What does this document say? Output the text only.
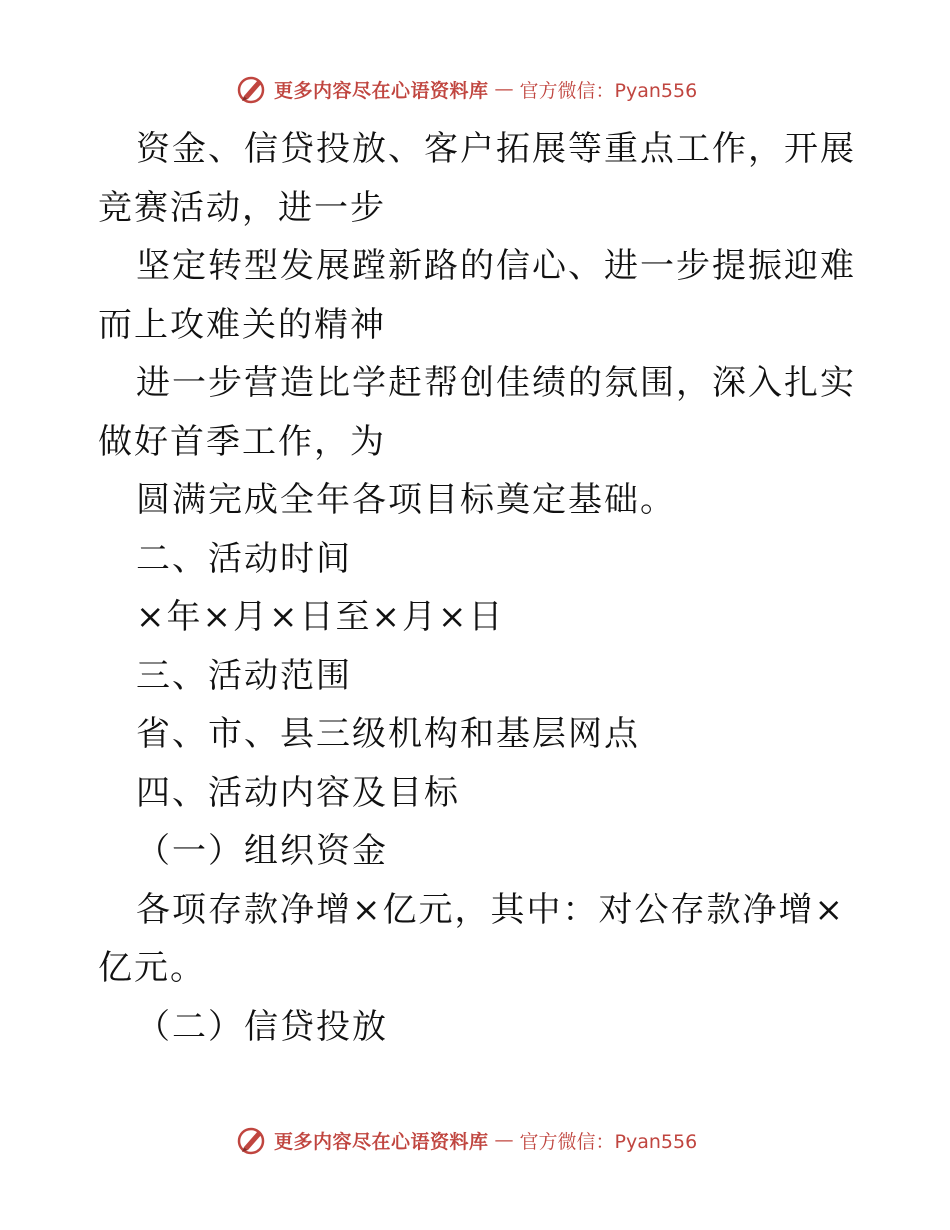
更多内容尽在心语资料库 — 官方微信：Pyan556

资金、信贷投放、客户拓展等重点工作，开展竞赛活动，进一步

坚定转型发展蹚新路的信心、进一步提振迎难而上攻难关的精神

进一步营造比学赶帮创佳绩的氛围，深入扎实做好首季工作，为

圆满完成全年各项目标奠定基础。

二、活动时间

×年×月×日至×月×日

三、活动范围

省、市、县三级机构和基层网点

四、活动内容及目标

（一）组织资金

各项存款净增×亿元，其中：对公存款净增×亿元。

（二）信贷投放

更多内容尽在心语资料库 — 官方微信：Pyan556
